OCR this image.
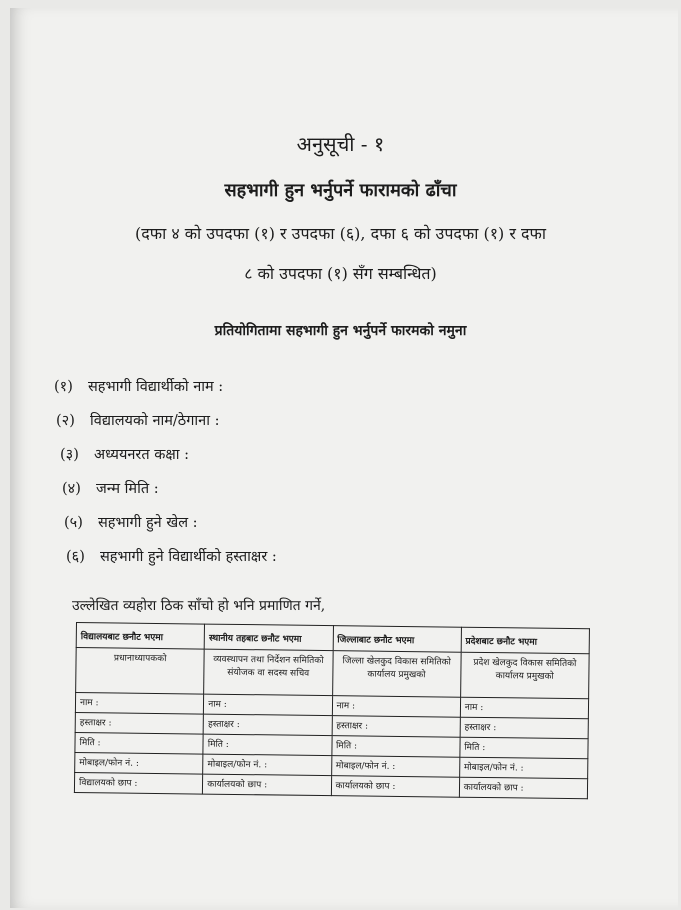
अनुसूची - १
सहभागी हुन भर्नुपर्ने फारामको ढाँचा
(दफा ४ को उपदफा (१) र उपदफा (६), दफा ६ को उपदफा (१) र दफा
८ को उपदफा (१) सँग सम्बन्धित)
प्रतियोगितामा सहभागी हुन भर्नुपर्ने फारमको नमुना
(१) सहभागी विद्यार्थीको नाम :
(२) विद्यालयको नाम/ठेगाना :
(३) अध्ययनरत कक्षा :
(४) जन्म मिति :
(५) सहभागी हुने खेल :
(६) सहभागी हुने विद्यार्थीको हस्ताक्षर :
उल्लेखित व्यहोरा ठिक साँचो हो भनि प्रमाणित गर्ने,
विद्यालयबाट छनौट भएमा	स्थानीय तहबाट छनौट भएमा	जिल्लाबाट छनौट भएमा	प्रदेशबाट छनौट भएमा
प्रधानाध्यापकको	व्यवस्थापन तथा निर्देशन समितिको संयोजक वा सदस्य सचिव	जिल्ला खेलकुद विकास समितिको कार्यालय प्रमुखको	प्रदेश खेलकुद विकास समितिको कार्यालय प्रमुखको
नाम :	नाम :	नाम :	नाम :
हस्ताक्षर :	हस्ताक्षर :	हस्ताक्षर :	हस्ताक्षर :
मिति :	मिति :	मिति :	मिति :
मोबाइल/फोन नं. :	मोबाइल/फोन नं. :	मोबाइल/फोन नं. :	मोबाइल/फोन नं. :
विद्यालयको छाप :	कार्यालयको छाप :	कार्यालयको छाप :	कार्यालयको छाप :
